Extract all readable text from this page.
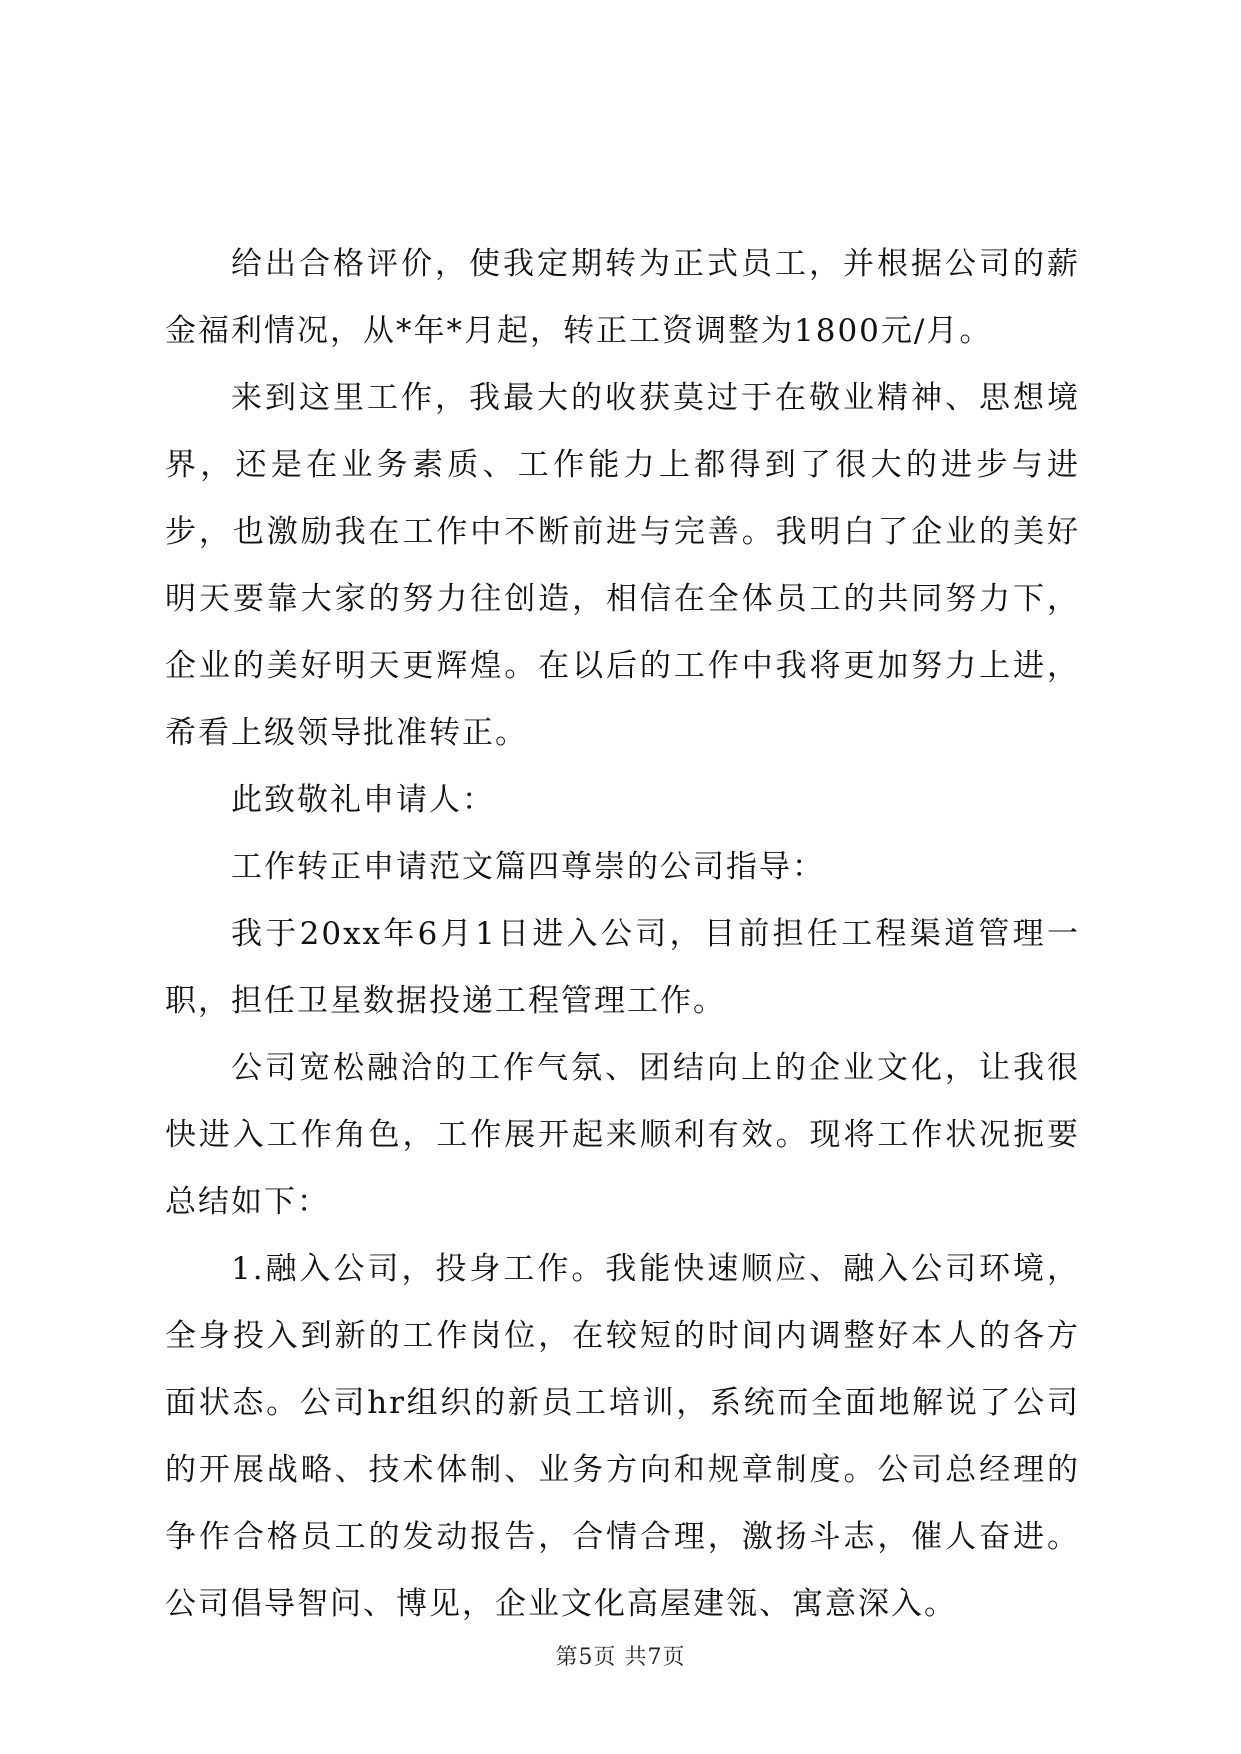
给出合格评价，使我定期转为正式员工，并根据公司的薪金福利情况，从*年*月起，转正工资调整为1800元/月。

来到这里工作，我最大的收获莫过于在敬业精神、思想境界，还是在业务素质、工作能力上都得到了很大的进步与进步，也激励我在工作中不断前进与完善。我明白了企业的美好明天要靠大家的努力往创造，相信在全体员工的共同努力下，企业的美好明天更辉煌。在以后的工作中我将更加努力上进，希看上级领导批准转正。

此致敬礼申请人：

工作转正申请范文篇四尊崇的公司指导：

我于20xx年6月1日进入公司，目前担任工程渠道管理一职，担任卫星数据投递工程管理工作。

公司宽松融洽的工作气氛、团结向上的企业文化，让我很快进入工作角色，工作展开起来顺利有效。现将工作状况扼要总结如下：

1.融入公司，投身工作。我能快速顺应、融入公司环境，全身投入到新的工作岗位，在较短的时间内调整好本人的各方面状态。公司hr组织的新员工培训，系统而全面地解说了公司的开展战略、技术体制、业务方向和规章制度。公司总经理的争作合格员工的发动报告，合情合理，激扬斗志，催人奋进。公司倡导智问、博见，企业文化高屋建瓴、寓意深入。

第5页 共7页
